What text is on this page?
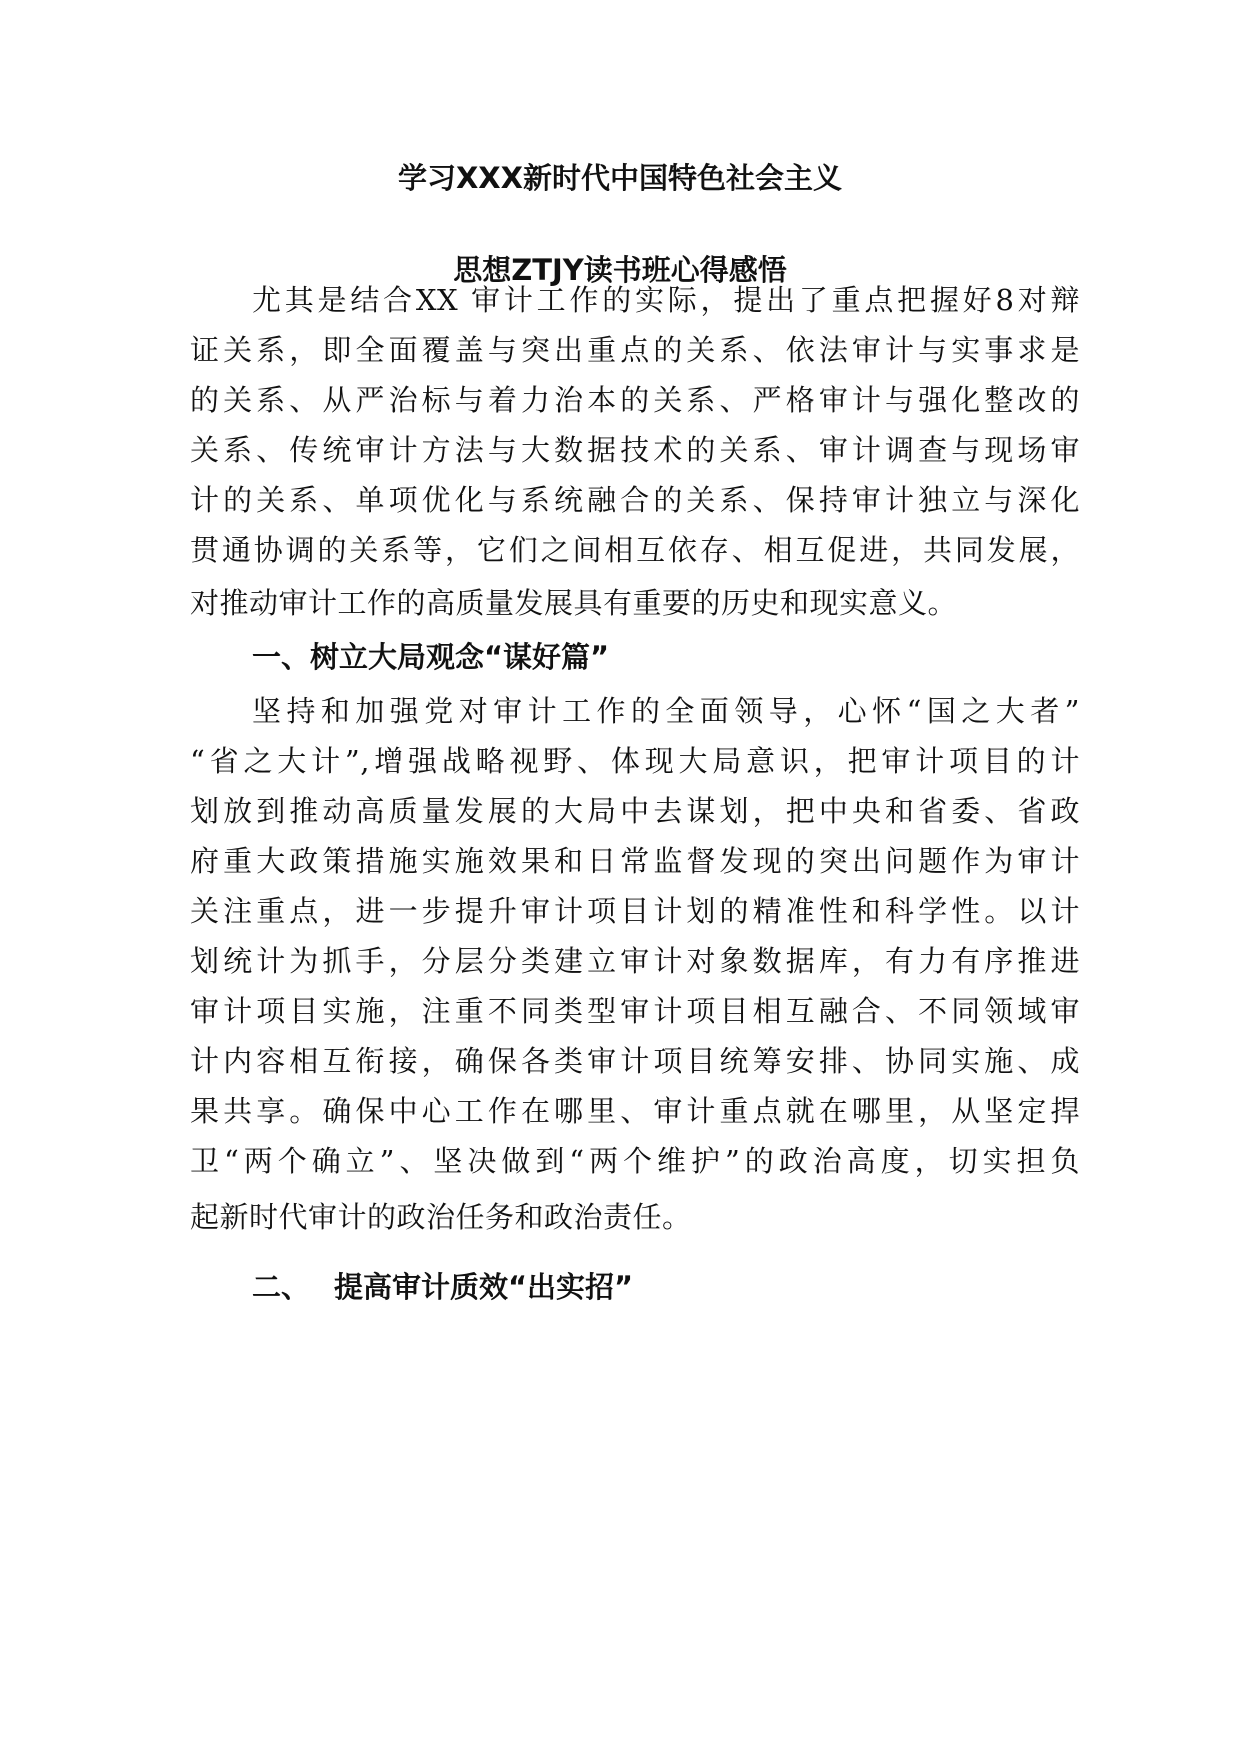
学习XXX新时代中国特色社会主义
思想ZTJY读书班心得感悟

尤其是结合XX 审计工作的实际，提出了重点把握好8对辩

证关系，即全面覆盖与突出重点的关系、依法审计与实事求是

的关系、从严治标与着力治本的关系、严格审计与强化整改的

关系、传统审计方法与大数据技术的关系、审计调查与现场审

计的关系、单项优化与系统融合的关系、保持审计独立与深化

贯通协调的关系等，它们之间相互依存、相互促进，共同发展，

对推动审计工作的高质量发展具有重要的历史和现实意义。

一、树立大局观念“谋好篇”

坚持和加强党对审计工作的全面领导，心怀“国之大者”

“省之大计”,增强战略视野、体现大局意识，把审计项目的计

划放到推动高质量发展的大局中去谋划，把中央和省委、省政

府重大政策措施实施效果和日常监督发现的突出问题作为审计

关注重点，进一步提升审计项目计划的精准性和科学性。以计

划统计为抓手，分层分类建立审计对象数据库，有力有序推进

审计项目实施，注重不同类型审计项目相互融合、不同领域审

计内容相互衔接，确保各类审计项目统筹安排、协同实施、成

果共享。确保中心工作在哪里、审计重点就在哪里，从坚定捍

卫“两个确立”、坚决做到“两个维护”的政治高度，切实担负

起新时代审计的政治任务和政治责任。

二、 提高审计质效“出实招”
